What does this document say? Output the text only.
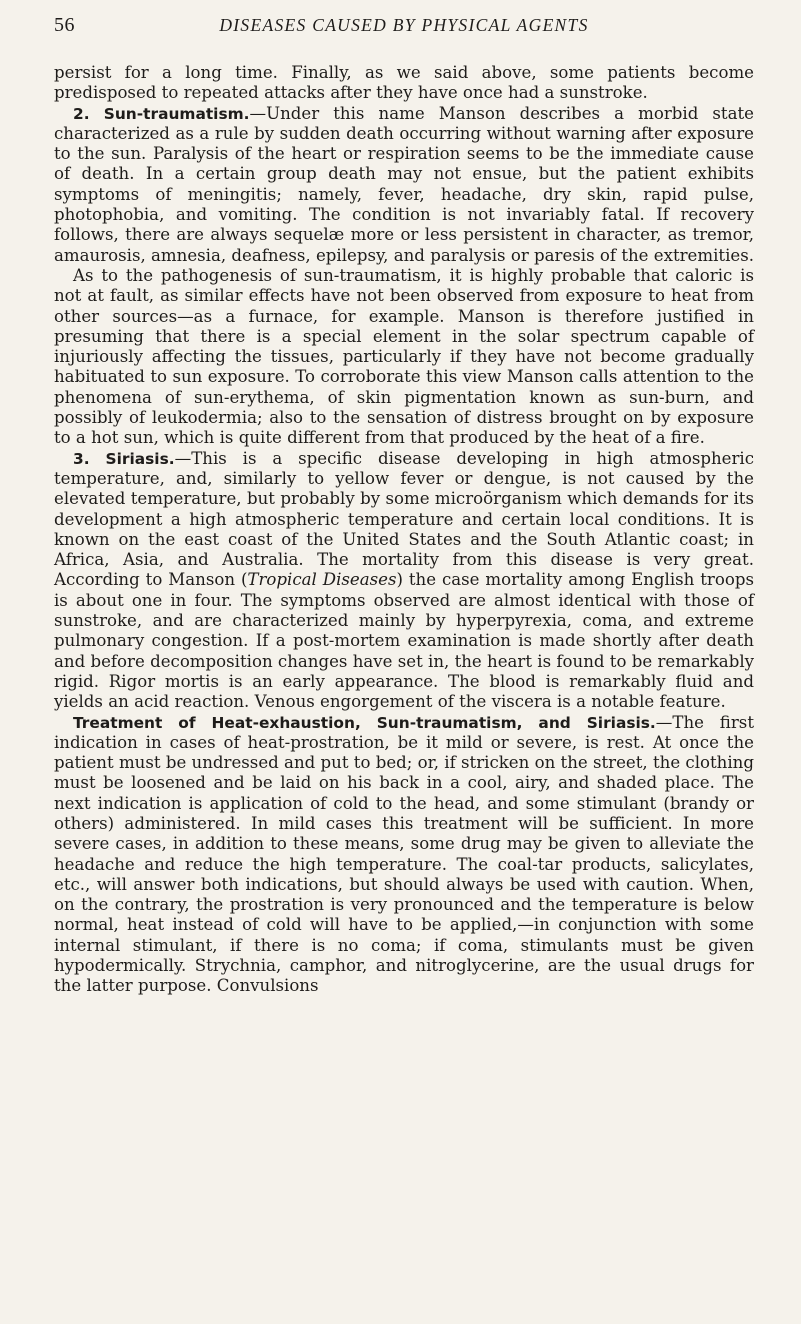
56	DISEASES CAUSED BY PHYSICAL AGENTS

persist for a long time. Finally, as we said above, some patients become predisposed to repeated attacks after they have once had a sunstroke.

2. Sun-traumatism.—Under this name Manson describes a morbid state characterized as a rule by sudden death occurring without warning after exposure to the sun. Paralysis of the heart or respiration seems to be the immediate cause of death. In a certain group death may not ensue, but the patient exhibits symptoms of meningitis; namely, fever, headache, dry skin, rapid pulse, photophobia, and vomiting. The condition is not invariably fatal. If recovery follows, there are always sequelæ more or less persistent in character, as tremor, amaurosis, amnesia, deafness, epilepsy, and paralysis or paresis of the extremities.

As to the pathogenesis of sun-traumatism, it is highly probable that caloric is not at fault, as similar effects have not been observed from exposure to heat from other sources—as a furnace, for example. Manson is therefore justified in presuming that there is a special element in the solar spectrum capable of injuriously affecting the tissues, particularly if they have not become gradually habituated to sun exposure. To corroborate this view Manson calls attention to the phenomena of sun-erythema, of skin pigmentation known as sun-burn, and possibly of leukodermia; also to the sensation of distress brought on by exposure to a hot sun, which is quite different from that produced by the heat of a fire.

3. Siriasis.—This is a specific disease developing in high atmospheric temperature, and, similarly to yellow fever or dengue, is not caused by the elevated temperature, but probably by some microörganism which demands for its development a high atmospheric temperature and certain local conditions. It is known on the east coast of the United States and the South Atlantic coast; in Africa, Asia, and Australia. The mortality from this disease is very great. According to Manson (Tropical Diseases) the case mortality among English troops is about one in four. The symptoms observed are almost identical with those of sunstroke, and are characterized mainly by hyperpyrexia, coma, and extreme pulmonary congestion. If a post-mortem examination is made shortly after death and before decomposition changes have set in, the heart is found to be remarkably rigid. Rigor mortis is an early appearance. The blood is remarkably fluid and yields an acid reaction. Venous engorgement of the viscera is a notable feature.

Treatment of Heat-exhaustion, Sun-traumatism, and Siriasis.—The first indication in cases of heat-prostration, be it mild or severe, is rest. At once the patient must be undressed and put to bed; or, if stricken on the street, the clothing must be loosened and be laid on his back in a cool, airy, and shaded place. The next indication is application of cold to the head, and some stimulant (brandy or others) administered. In mild cases this treatment will be sufficient. In more severe cases, in addition to these means, some drug may be given to alleviate the headache and reduce the high temperature. The coal-tar products, salicylates, etc., will answer both indications, but should always be used with caution. When, on the contrary, the prostration is very pronounced and the temperature is below normal, heat instead of cold will have to be applied,—in conjunction with some internal stimulant, if there is no coma; if coma, stimulants must be given hypodermically. Strychnia, camphor, and nitroglycerine, are the usual drugs for the latter purpose. Convulsions
